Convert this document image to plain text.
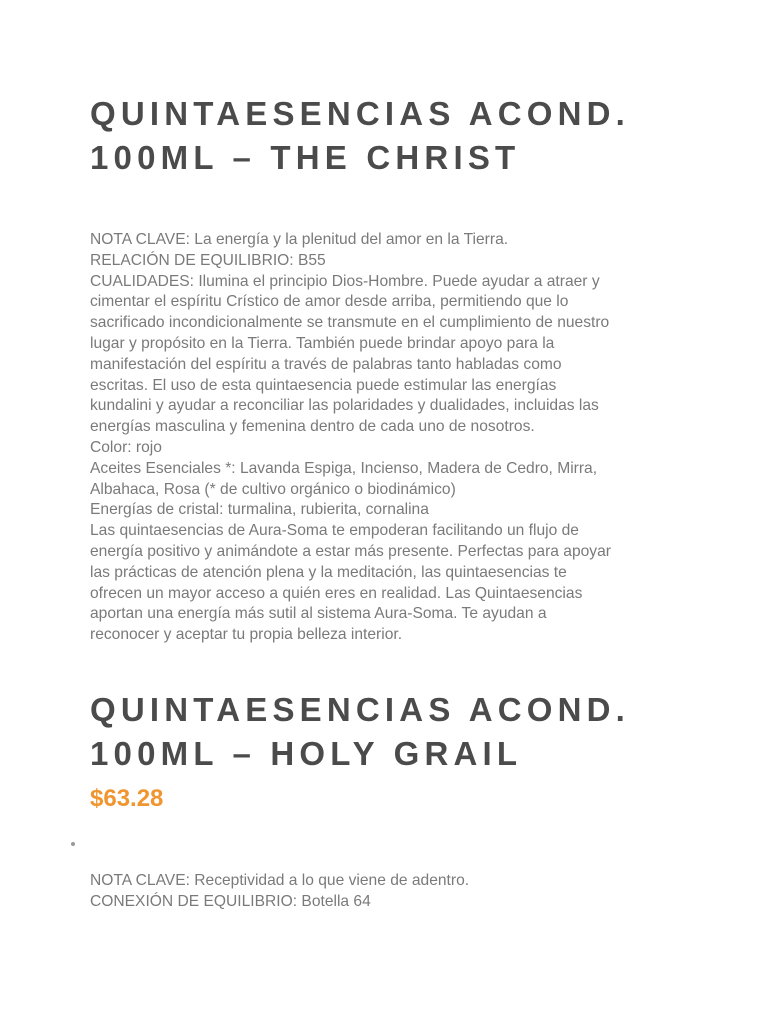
QUINTAESENCIAS ACOND.
100ML – THE CHRIST
NOTA CLAVE: La energía y la plenitud del amor en la Tierra.
RELACIÓN DE EQUILIBRIO: B55
CUALIDADES: Ilumina el principio Dios-Hombre. Puede ayudar a atraer y
cimentar el espíritu Crístico de amor desde arriba, permitiendo que lo
sacrificado incondicionalmente se transmute en el cumplimiento de nuestro
lugar y propósito en la Tierra. También puede brindar apoyo para la
manifestación del espíritu a través de palabras tanto habladas como
escritas. El uso de esta quintaesencia puede estimular las energías
kundalini y ayudar a reconciliar las polaridades y dualidades, incluidas las
energías masculina y femenina dentro de cada uno de nosotros.
Color: rojo
Aceites Esenciales *: Lavanda Espiga, Incienso, Madera de Cedro, Mirra,
Albahaca, Rosa (* de cultivo orgánico o biodinámico)
Energías de cristal: turmalina, rubierita, cornalina
Las quintaesencias de Aura-Soma te empoderan facilitando un flujo de
energía positivo y animándote a estar más presente. Perfectas para apoyar
las prácticas de atención plena y la meditación, las quintaesencias te
ofrecen un mayor acceso a quién eres en realidad. Las Quintaesencias
aportan una energía más sutil al sistema Aura-Soma. Te ayudan a
reconocer y aceptar tu propia belleza interior.
QUINTAESENCIAS ACOND.
100ML – HOLY GRAIL
$63.28
NOTA CLAVE: Receptividad a lo que viene de adentro.
CONEXIÓN DE EQUILIBRIO: Botella 64
